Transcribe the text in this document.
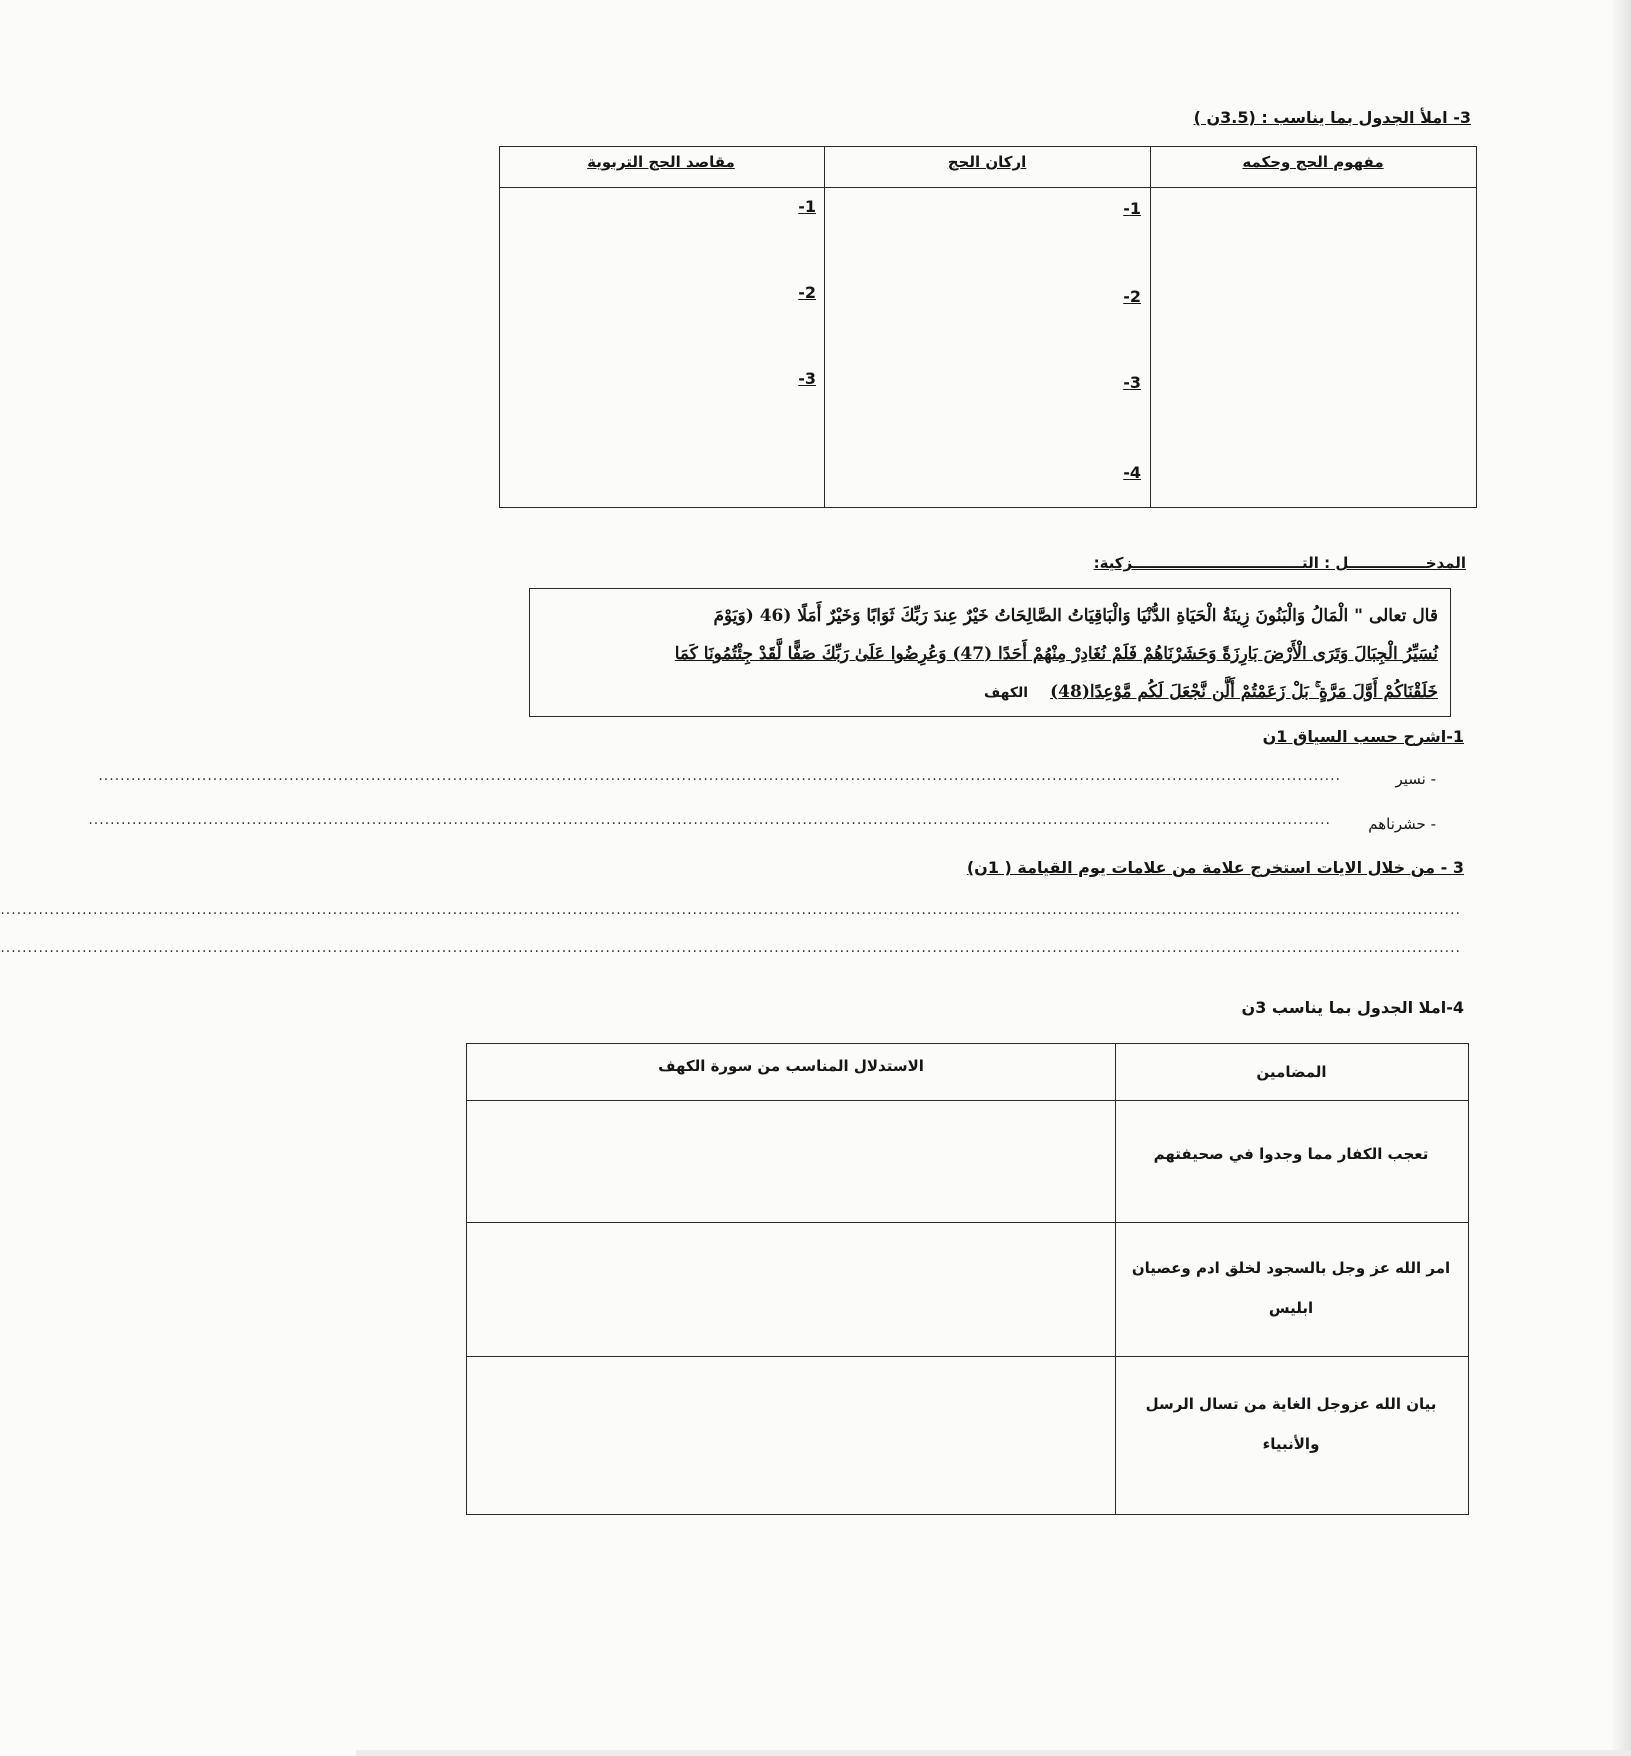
3- املأ الجدول بما يناسب : (3.5ن )
مفهوم الحج وحكمه
اركان الحج
مقاصد الحج التربوية
1-
2-
3-
4-
1-
2-
3-
المدخـــــــــــــــل : التـــــــــــــــــــــــــــــــــزكية:
قال تعالى " الْمَالُ وَالْبَنُونَ زِينَةُ الْحَيَاةِ الدُّنْيَا وَالْبَاقِيَاتُ الصَّالِحَاتُ خَيْرٌ عِندَ رَبِّكَ ثَوَابًا وَخَيْرٌ أَمَلًا (46 (وَيَوْمَ
نُسَيِّرُ الْجِبَالَ وَتَرَى الْأَرْضَ بَارِزَةً وَحَشَرْنَاهُمْ فَلَمْ نُغَادِرْ مِنْهُمْ أَحَدًا (47) وَعُرِضُوا عَلَىٰ رَبِّكَ صَفًّا لَّقَدْ جِئْتُمُونَا كَمَا
خَلَقْنَاكُمْ أَوَّلَ مَرَّةٍ ۚ بَلْ زَعَمْتُمْ أَلَّن نَّجْعَلَ لَكُم مَّوْعِدًا(48)الكهف
1-اشرح حسب السياق 1ن
- نسير
....................................................................................................................................................................................................................................
- حشرناهم
....................................................................................................................................................................................................................................
3 - من خلال الايات استخرج علامة من علامات يوم القيامة ( 1ن)
............................................................................................................................................................................................................................................................................
............................................................................................................................................................................................................................................................................
4-املا الجدول بما يناسب 3ن
المضامين
الاستدلال المناسب من سورة الكهف
تعجب الكفار مما وجدوا في صحيفتهم
امر الله عز وجل بالسجود لخلق ادم وعصيان ابليس
بيان الله عزوجل الغاية من تسال الرسل والأنبياء
